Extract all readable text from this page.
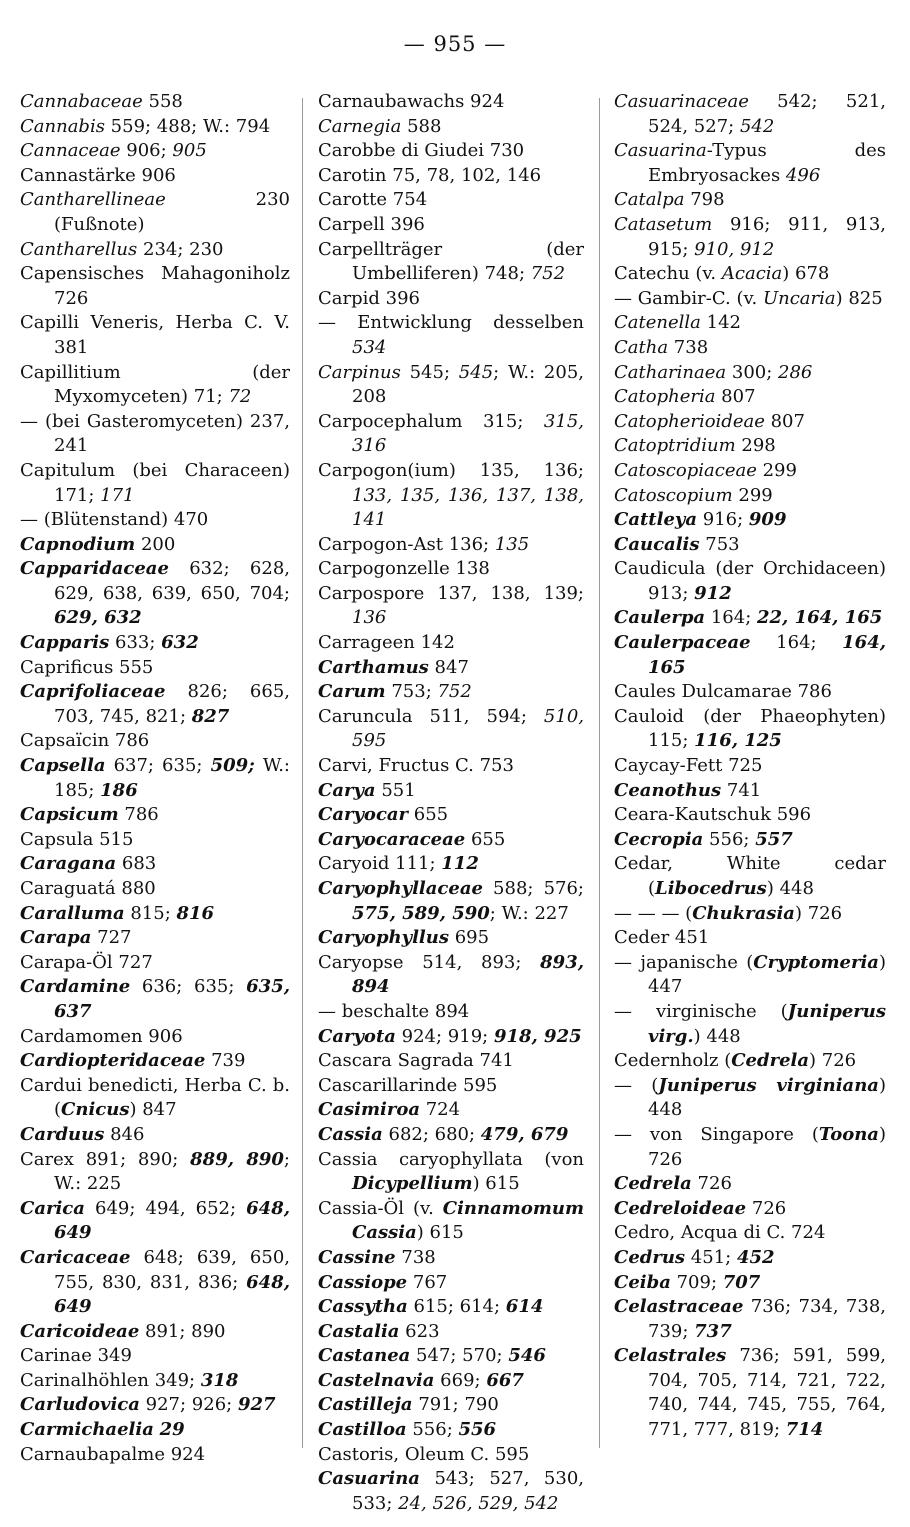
— 955 —
Cannabaceae 558
Cannabis 559; 488; W.: 794
Cannaceae 906; 905
Cannastärke 906
Cantharellineae 230 (Fußnote)
Cantharellus 234; 230
Capensisches Mahagoniholz 726
Capilli Veneris, Herba C. V. 381
Capillitium (der Myxomyceten) 71; 72
— (bei Gasteromyceten) 237, 241
Capitulum (bei Characeen) 171; 171
— (Blütenstand) 470
Capnodium 200
Capparidaceae 632; 628, 629, 638, 639, 650, 704; 629, 632
Capparis 633; 632
Caprificus 555
Caprifoliaceae 826; 665, 703, 745, 821; 827
Capsaïcin 786
Capsella 637; 635; 509; W.: 185; 186
Capsicum 786
Capsula 515
Caragana 683
Caraguatá 880
Caralluma 815; 816
Carapa 727
Carapa-Öl 727
Cardamine 636; 635; 635, 637
Cardamomen 906
Cardiopteridaceae 739
Cardui benedicti, Herba C. b. (Cnicus) 847
Carduus 846
Carex 891; 890; 889, 890; W.: 225
Carica 649; 494, 652; 648, 649
Caricaceae 648; 639, 650, 755, 830, 831, 836; 648, 649
Caricoideae 891; 890
Carinae 349
Carinalhöhlen 349; 318
Carludovica 927; 926; 927
Carmichaelia 29
Carnaubapalme 924
Carnaubawachs 924
Carnegia 588
Carobbe di Giudei 730
Carotin 75, 78, 102, 146
Carotte 754
Carpell 396
Carpellträger (der Umbelliferen) 748; 752
Carpid 396
— Entwicklung desselben 534
Carpinus 545; 545; W.: 205, 208
Carpocephalum 315; 315, 316
Carpogon(ium) 135, 136; 133, 135, 136, 137, 138, 141
Carpogon-Ast 136; 135
Carpogonzelle 138
Carpospore 137, 138, 139; 136
Carrageen 142
Carthamus 847
Carum 753; 752
Caruncula 511, 594; 510, 595
Carvi, Fructus C. 753
Carya 551
Caryocar 655
Caryocaraceae 655
Caryoid 111; 112
Caryophyllaceae 588; 576; 575, 589, 590; W.: 227
Caryophyllus 695
Caryopse 514, 893; 893, 894
— beschalte 894
Caryota 924; 919; 918, 925
Cascara Sagrada 741
Cascarillarinde 595
Casimiroa 724
Cassia 682; 680; 479, 679
Cassia caryophyllata (von Dicypellium) 615
Cassia-Öl (v. Cinnamomum Cassia) 615
Cassine 738
Cassiope 767
Cassytha 615; 614; 614
Castalia 623
Castanea 547; 570; 546
Castelnavia 669; 667
Castilleja 791; 790
Castilloa 556; 556
Castoris, Oleum C. 595
Casuarina 543; 527, 530, 533; 24, 526, 529, 542
Casuarinaceae 542; 521, 524, 527; 542
Casuarina-Typus des Embryosackes 496
Catalpa 798
Catasetum 916; 911, 913, 915; 910, 912
Catechu (v. Acacia) 678
— Gambir-C. (v. Uncaria) 825
Catenella 142
Catha 738
Catharinaea 300; 286
Catopheria 807
Catopherioideae 807
Catoptridium 298
Catoscopiaceae 299
Catoscopium 299
Cattleya 916; 909
Caucalis 753
Caudicula (der Orchidaceen) 913; 912
Caulerpa 164; 22, 164, 165
Caulerpaceae 164; 164, 165
Caules Dulcamarae 786
Cauloid (der Phaeophyten) 115; 116, 125
Caycay-Fett 725
Ceanothus 741
Ceara-Kautschuk 596
Cecropia 556; 557
Cedar, White cedar (Libocedrus) 448
— — — (Chukrasia) 726
Ceder 451
— japanische (Cryptomeria) 447
— virginische (Juniperus virg.) 448
Cedernholz (Cedrela) 726
— (Juniperus virginiana) 448
— von Singapore (Toona) 726
Cedrela 726
Cedreloideae 726
Cedro, Acqua di C. 724
Cedrus 451; 452
Ceiba 709; 707
Celastraceae 736; 734, 738, 739; 737
Celastrales 736; 591, 599, 704, 705, 714, 721, 722, 740, 744, 745, 755, 764, 771, 777, 819; 714
